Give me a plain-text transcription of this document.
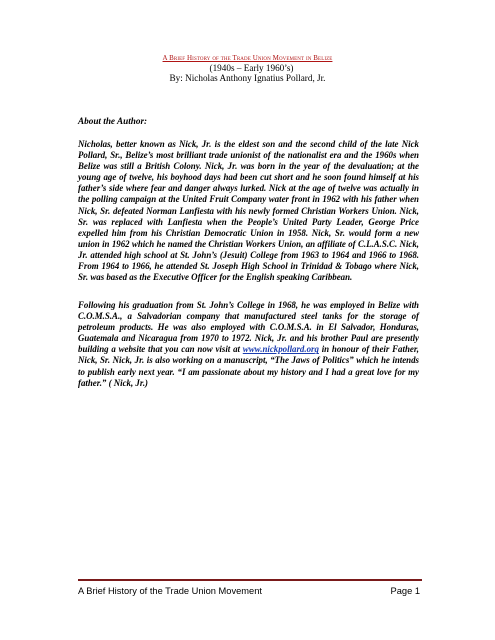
A Brief History of the Trade Union Movement in Belize
(1940s – Early 1960’s)
By: Nicholas Anthony Ignatius Pollard, Jr.
About the Author:
Nicholas, better known as Nick, Jr. is the eldest son and the second child of the late Nick Pollard, Sr., Belize’s most brilliant trade unionist of the nationalist era and the 1960s when Belize was still a British Colony. Nick, Jr. was born in the year of the devaluation; at the young age of twelve, his boyhood days had been cut short and he soon found himself at his father’s side where fear and danger always lurked. Nick at the age of twelve was actually in the polling campaign at the United Fruit Company water front in 1962 with his father when Nick, Sr. defeated Norman Lanfiesta with his newly formed Christian Workers Union. Nick, Sr. was replaced with Lanfiesta when the People’s United Party Leader, George Price expelled him from his Christian Democratic Union in 1958. Nick, Sr. would form a new union in 1962 which he named the Christian Workers Union, an affiliate of C.L.A.S.C. Nick, Jr. attended high school at St. John’s (Jesuit) College from 1963 to 1964 and 1966 to 1968. From 1964 to 1966, he attended St. Joseph High School in Trinidad & Tobago where Nick, Sr. was based as the Executive Officer for the English speaking Caribbean.
Following his graduation from St. John’s College in 1968, he was employed in Belize with C.O.M.S.A., a Salvadorian company that manufactured steel tanks for the storage of petroleum products. He was also employed with C.O.M.S.A. in El Salvador, Honduras, Guatemala and Nicaragua from 1970 to 1972. Nick, Jr. and his brother Paul are presently building a website that you can now visit at www.nickpollard.org in honour of their Father, Nick, Sr. Nick, Jr. is also working on a manuscript, “The Jaws of Politics” which he intends to publish early next year. “I am passionate about my history and I had a great love for my father.” ( Nick, Jr.)
A Brief History of the Trade Union Movement	Page 1
